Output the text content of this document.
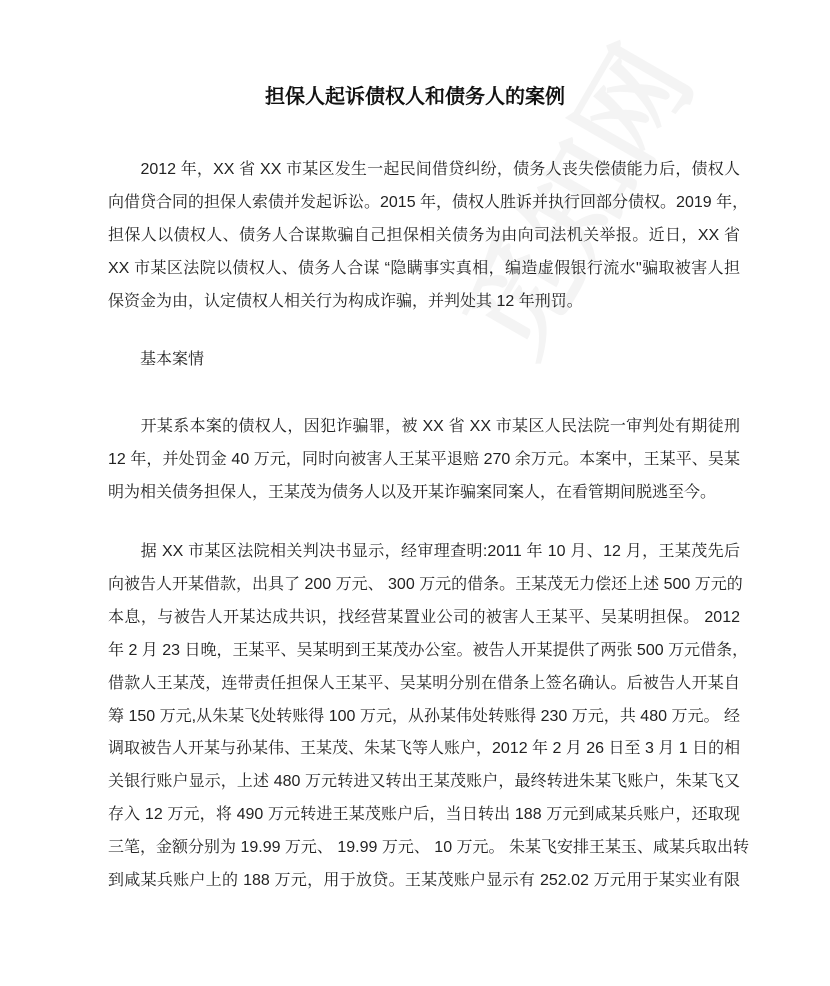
担保人起诉债权人和债务人的案例
　　2012 年，XX 省 XX 市某区发生一起民间借贷纠纷，债务人丧失偿债能力后，债权人
向借贷合同的担保人索债并发起诉讼。2015 年，债权人胜诉并执行回部分债权。2019 年，
担保人以债权人、债务人合谋欺骗自己担保相关债务为由向司法机关举报。近日，XX 省
XX 市某区法院以债权人、债务人合谋 “隐瞒事实真相，编造虚假银行流水"骗取被害人担
保资金为由，认定债权人相关行为构成诈骗，并判处其 12 年刑罚。
基本案情
　　开某系本案的债权人，因犯诈骗罪，被 XX 省 XX 市某区人民法院一审判处有期徒刑
12 年，并处罚金 40 万元，同时向被害人王某平退赔 270 余万元。本案中，王某平、吴某
明为相关债务担保人，王某茂为债务人以及开某诈骗案同案人，在看管期间脱逃至今。
　　据 XX 市某区法院相关判决书显示，经审理查明:2011 年 10 月、12 月，王某茂先后
向被告人开某借款，出具了 200 万元、 300 万元的借条。王某茂无力偿还上述 500 万元的
本息，与被告人开某达成共识，找经营某置业公司的被害人王某平、吴某明担保。 2012
年 2 月 23 日晚，王某平、吴某明到王某茂办公室。被告人开某提供了两张 500 万元借条，
借款人王某茂，连带责任担保人王某平、吴某明分别在借条上签名确认。后被告人开某自
筹 150 万元,从朱某飞处转账得 100 万元，从孙某伟处转账得 230 万元，共 480 万元。 经
调取被告人开某与孙某伟、王某茂、朱某飞等人账户，2012 年 2 月 26 日至 3 月 1 日的相
关银行账户显示，上述 480 万元转进又转出王某茂账户，最终转进朱某飞账户，朱某飞又
存入 12 万元，将 490 万元转进王某茂账户后，当日转出 188 万元到咸某兵账户，还取现
三笔，金额分别为 19.99 万元、 19.99 万元、 10 万元。 朱某飞安排王某玉、咸某兵取出转
到咸某兵账户上的 188 万元，用于放贷。王某茂账户显示有 252.02 万元用于某实业有限
